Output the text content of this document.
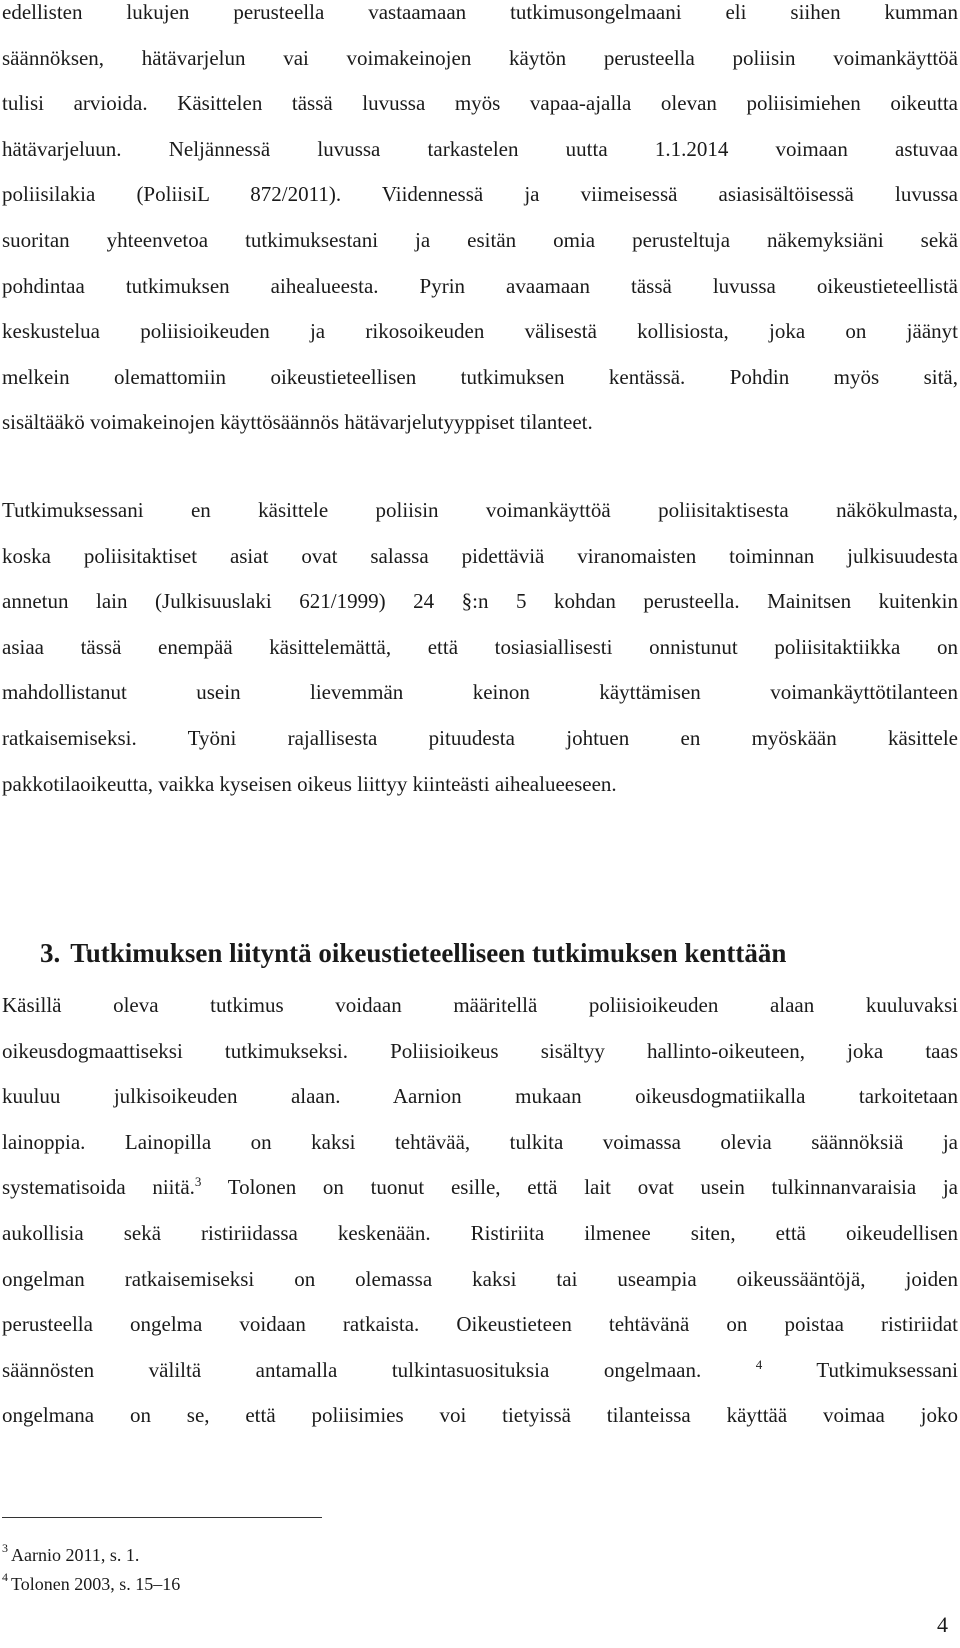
edellisten lukujen perusteella vastaamaan tutkimusongelmaani eli siihen kumman
säännöksen, hätävarjelun vai voimakeinojen käytön perusteella poliisin voimankäyttöä
tulisi arvioida. Käsittelen tässä luvussa myös vapaa-ajalla olevan poliisimiehen oikeutta
hätävarjeluun. Neljännessä luvussa tarkastelen uutta 1.1.2014 voimaan astuvaa
poliisilakia (PoliisiL 872/2011). Viidennessä ja viimeisessä asiasisältöisessä luvussa
suoritan yhteenvetoa tutkimuksestani ja esitän omia perusteltuja näkemyksiäni sekä
pohdintaa tutkimuksen aihealueesta. Pyrin avaamaan tässä luvussa oikeustieteellistä
keskustelua poliisioikeuden ja rikosoikeuden välisestä kollisiosta, joka on jäänyt
melkein olemattomiin oikeustieteellisen tutkimuksen kentässä. Pohdin myös sitä,
sisältääkö voimakeinojen käyttösäännös hätävarjelutyyppiset tilanteet.
Tutkimuksessani en käsittele poliisin voimankäyttöä poliisitaktisesta näkökulmasta,
koska poliisitaktiset asiat ovat salassa pidettäviä viranomaisten toiminnan julkisuudesta
annetun lain (Julkisuuslaki 621/1999) 24 §:n 5 kohdan perusteella. Mainitsen kuitenkin
asiaa tässä enempää käsittelemättä, että tosiasiallisesti onnistunut poliisitaktiikka on
mahdollistanut usein lievemmän keinon käyttämisen voimankäyttötilanteen
ratkaisemiseksi. Työni rajallisesta pituudesta johtuen en myöskään käsittele
pakkotilaoikeutta, vaikka kyseisen oikeus liittyy kiinteästi aihealueeseen.
3. Tutkimuksen liityntä oikeustieteelliseen tutkimuksen kenttään
Käsillä oleva tutkimus voidaan määritellä poliisioikeuden alaan kuuluvaksi
oikeusdogmaattiseksi tutkimukseksi. Poliisioikeus sisältyy hallinto-oikeuteen, joka taas
kuuluu julkisoikeuden alaan. Aarnion mukaan oikeusdogmatiikalla tarkoitetaan
lainoppia. Lainopilla on kaksi tehtävää, tulkita voimassa olevia säännöksiä ja
systematisoida niitä.$^3$ Tolonen on tuonut esille, että lait ovat usein tulkinnanvaraisia ja
aukollisia sekä ristiriidassa keskenään. Ristiriita ilmenee siten, että oikeudellisen
ongelman ratkaisemiseksi on olemassa kaksi tai useampia oikeussääntöjä, joiden
perusteella ongelma voidaan ratkaista. Oikeustieteen tehtävänä on poistaa ristiriidat
säännösten väliltä antamalla tulkintasuosituksia ongelmaan.	$^4$ Tutkimuksessani
ongelmana on se, että poliisimies voi tietyissä tilanteissa käyttää voimaa joko
$^3$ Aarnio 2011, s. 1.
$^4$ Tolonen 2003, s. 15–16
4
